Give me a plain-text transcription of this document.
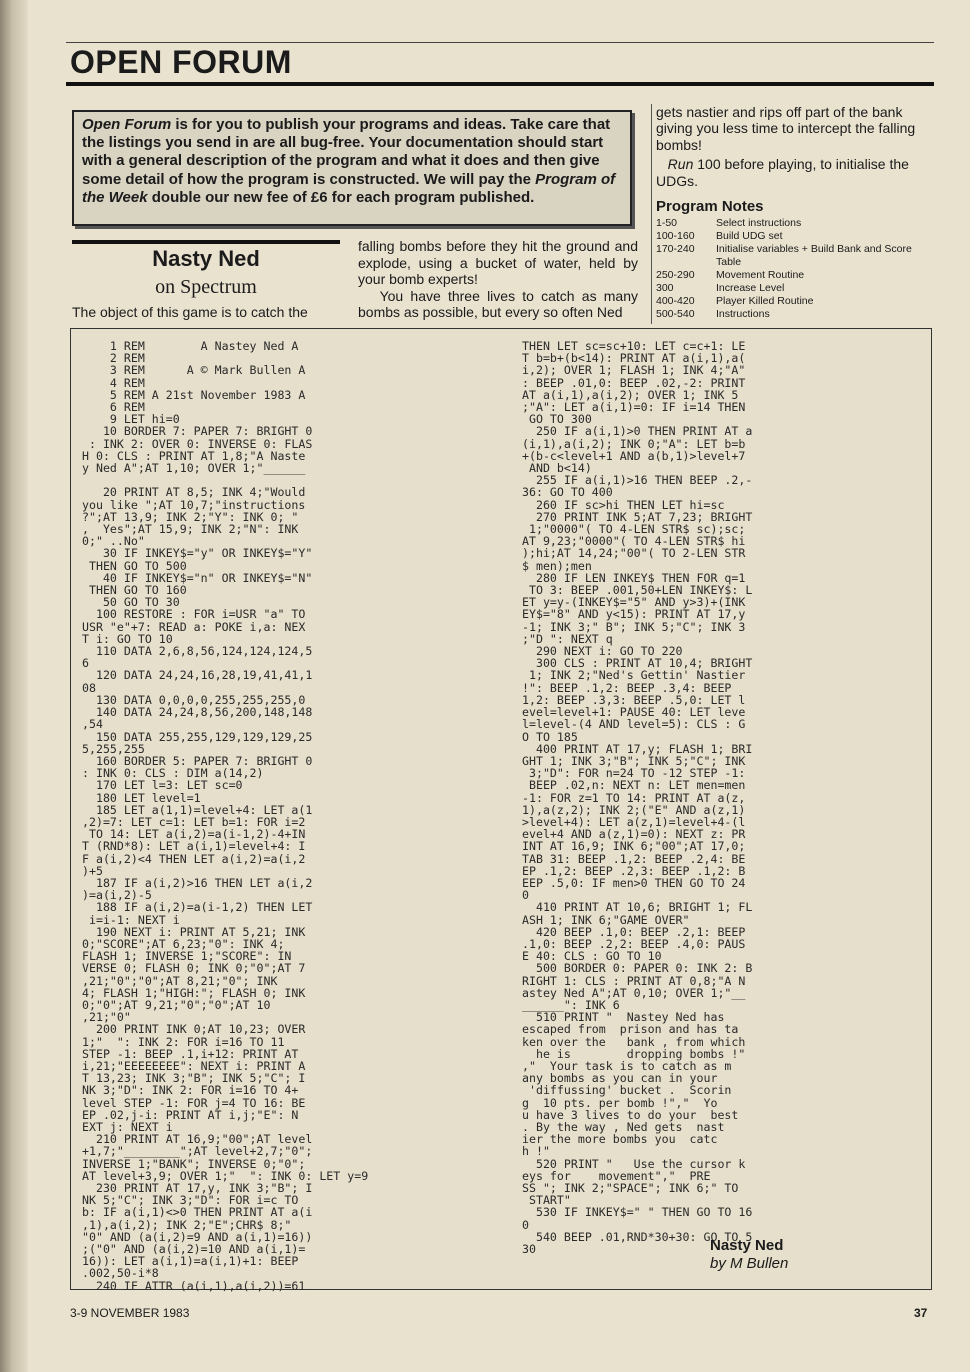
OPEN FORUM
Open Forum is for you to publish your programs and ideas. Take care that the listings you send in are all bug-free. Your documentation should start with a general description of the program and what it does and then give some detail of how the program is constructed. We will pay the Program of the Week double our new fee of £6 for each program published.

gets nastier and rips off part of the bank giving you less time to intercept the falling bombs!

Run 100 before playing, to initialise the UDGs.

Program Notes
1-50	Select instructions
100-160	Build UDG set
170-240	Initialise variables + Build Bank and Score Table
250-290	Movement Routine
300	Increase Level
400-420	Player Killed Routine
500-540	Instructions
Nasty Ned
on Spectrum
The object of this game is to catch the

falling bombs before they hit the ground and explode, using a bucket of water, held by your bomb experts!

You have three lives to catch as many bombs as possible, but every so often Ned

1 REM        A Nastey Ned A
2 REM
3 REM      A © Mark Bullen A
4 REM
5 REM A 21st November 1983 A
6 REM
9 LET hi=0
10 BORDER 7: PAPER 7: BRIGHT 0
: INK 2: OVER 0: INVERSE 0: FLAS
H 0: CLS : PRINT AT 1,8;"A Naste
y Ned A";AT 1,10; OVER 1;"______

20 PRINT AT 8,5; INK 4;"Would
you like ";AT 10,7;"instructions
?";AT 13,9; INK 2;"Y": INK 0; "
,  Yes";AT 15,9; INK 2;"N": INK
0;" ..No"
30 IF INKEY$="y" OR INKEY$="Y"
THEN GO TO 500
40 IF INKEY$="n" OR INKEY$="N"
THEN GO TO 160
50 GO TO 30
100 RESTORE : FOR i=USR "a" TO
USR "e"+7: READ a: POKE i,a: NEX
T i: GO TO 10
110 DATA 2,6,8,56,124,124,124,5
6
120 DATA 24,24,16,28,19,41,41,1
08
130 DATA 0,0,0,0,255,255,255,0
140 DATA 24,24,8,56,200,148,148
,54
150 DATA 255,255,129,129,129,25
5,255,255
160 BORDER 5: PAPER 7: BRIGHT 0
: INK 0: CLS : DIM a(14,2)
170 LET l=3: LET sc=0
180 LET level=1
185 LET a(1,1)=level+4: LET a(1
,2)=7: LET c=1: LET b=1: FOR i=2
TO 14: LET a(i,2)=a(i-1,2)-4+IN
T (RND*8): LET a(i,1)=level+4: I
F a(i,2)<4 THEN LET a(i,2)=a(i,2
)+5
187 IF a(i,2)>16 THEN LET a(i,2
)=a(i,2)-5
188 IF a(i,2)=a(i-1,2) THEN LET
i=i-1: NEXT i
190 NEXT i: PRINT AT 5,21; INK
0;"SCORE";AT 6,23;"0": INK 4;
FLASH 1; INVERSE 1;"SCORE": IN
VERSE 0; FLASH 0; INK 0;"0";AT 7
,21;"0";"0";AT 8,21;"0"; INK
4; FLASH 1;"HIGH:"; FLASH 0; INK
0;"0";AT 9,21;"0";"0";AT 10
,21;"0"
200 PRINT INK 0;AT 10,23; OVER
1;"  ": INK 2: FOR i=16 TO 11
STEP -1: BEEP .1,i+12: PRINT AT
i,21;"EEEEEEEE": NEXT i: PRINT A
T 13,23; INK 3;"B"; INK 5;"C"; I
NK 3;"D": INK 2: FOR i=16 TO 4+
level STEP -1: FOR j=4 TO 16: BE
EP .02,j-i: PRINT AT i,j;"E": N
EXT j: NEXT i
210 PRINT AT 16,9;"00";AT level
+1,7;"________";AT level+2,7;"0";
INVERSE 1;"BANK"; INVERSE 0;"0";
AT level+3,9; OVER 1;"  ": INK 0: LET y=9
230 PRINT AT 17,y, INK 3;"B"; I
NK 5;"C"; INK 3;"D": FOR i=c TO
b: IF a(i,1)<>0 THEN PRINT AT a(i
,1),a(i,2); INK 2;"E";CHR$ 8;"
"0" AND (a(i,2)=9 AND a(i,1)=16))
;("0" AND (a(i,2)=10 AND a(i,1)=
16)): LET a(i,1)=a(i,1)+1: BEEP
.002,50-i*8
240 IF ATTR (a(i,1),a(i,2))=61
THEN LET sc=sc+10: LET c=c+1: LE
T b=b+(b<14): PRINT AT a(i,1),a(
i,2); OVER 1; FLASH 1; INK 4;"A"
: BEEP .01,0: BEEP .02,-2: PRINT
AT a(i,1),a(i,2); OVER 1; INK 5
;"A": LET a(i,1)=0: IF i=14 THEN
GO TO 300
250 IF a(i,1)>0 THEN PRINT AT a
(i,1),a(i,2); INK 0;"A": LET b=b
+(b-c<level+1 AND a(b,1)>level+7
AND b<14)
255 IF a(i,1)>16 THEN BEEP .2,-
36: GO TO 400
260 IF sc>hi THEN LET hi=sc
270 PRINT INK 5;AT 7,23; BRIGHT
1;"0000"( TO 4-LEN STR$ sc);sc;
AT 9,23;"0000"( TO 4-LEN STR$ hi
);hi;AT 14,24;"00"( TO 2-LEN STR
$ men);men
280 IF LEN INKEY$ THEN FOR q=1
TO 3: BEEP .001,50+LEN INKEY$: L
ET y=y-(INKEY$="5" AND y>3)+(INK
EY$="8" AND y<15): PRINT AT 17,y
-1; INK 3;" B"; INK 5;"C"; INK 3
;"D ": NEXT q
290 NEXT i: GO TO 220
300 CLS : PRINT AT 10,4; BRIGHT
1; INK 2;"Ned's Gettin' Nastier
!": BEEP .1,2: BEEP .3,4: BEEP
1,2: BEEP .3,3: BEEP .5,0: LET l
evel=level+1: PAUSE 40: LET leve
l=level-(4 AND level=5): CLS : G
O TO 185
400 PRINT AT 17,y; FLASH 1; BRI
GHT 1; INK 3;"B"; INK 5;"C"; INK
3;"D": FOR n=24 TO -12 STEP -1:
BEEP .02,n: NEXT n: LET men=men
-1: FOR z=1 TO 14: PRINT AT a(z,
1),a(z,2); INK 2;("E" AND a(z,1)
>level+4): LET a(z,1)=level+4-(l
evel+4 AND a(z,1)=0): NEXT z: PR
INT AT 16,9; INK 6;"00";AT 17,0;
TAB 31: BEEP .1,2: BEEP .2,4: BE
EP .1,2: BEEP .2,3: BEEP .1,2: B
EEP .5,0: IF men>0 THEN GO TO 24
0
410 PRINT AT 10,6; BRIGHT 1; FL
ASH 1; INK 6;"GAME OVER"
420 BEEP .1,0: BEEP .2,1: BEEP
.1,0: BEEP .2,2: BEEP .4,0: PAUS
E 40: CLS : GO TO 10
500 BORDER 0: PAPER 0: INK 2: B
RIGHT 1: CLS : PRINT AT 0,8;"A N
astey Ned A";AT 0,10; OVER 1;"__
______": INK 6
510 PRINT "  Nastey Ned has
escaped from  prison and has ta
ken over the   bank , from which
he is        dropping bombs !"
,"  Your task is to catch as m
any bombs as you can in your
'diffussing' bucket .  Scorin
g  10 pts. per bomb !","  Yo
u have 3 lives to do your  best
. By the way , Ned gets  nast
ier the more bombs you  catc
h !"
520 PRINT "   Use the cursor k
eys for    movement","  PRE
SS "; INK 2;"SPACE"; INK 6;" TO
START"
530 IF INKEY$=" " THEN GO TO 16
0
540 BEEP .01,RND*30+30: GO TO 5
30	Nasty Ned
by M Bullen
3-9 NOVEMBER 1983	37
